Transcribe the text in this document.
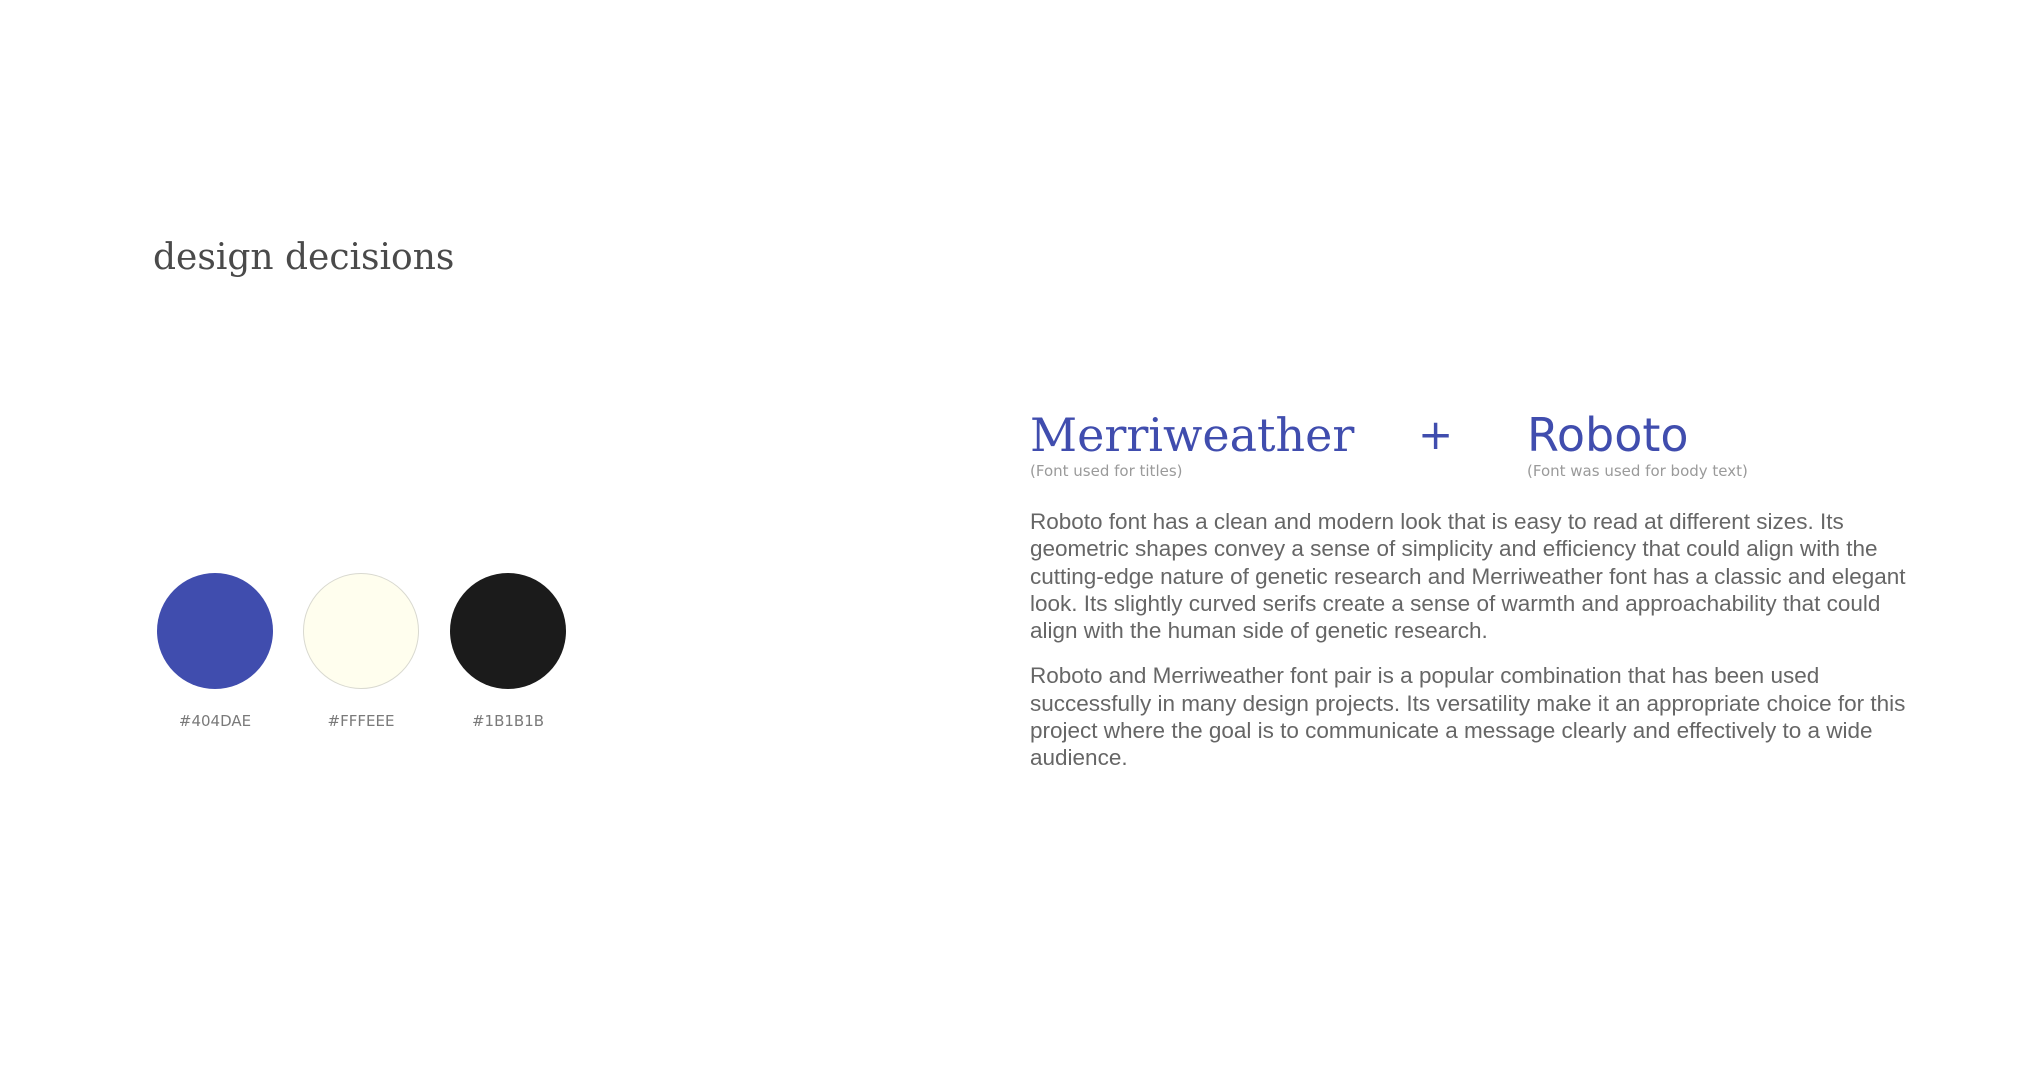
design decisions
#404DAE	#FFFEEE	#1B1B1B
Merriweather
(Font used for titles)
+ Roboto
(Font was used for body text)

Roboto font has a clean and modern look that is easy to read at different sizes. Its geometric shapes convey a sense of simplicity and efficiency that could align with the cutting-edge nature of genetic research and Merriweather font has a classic and elegant look. Its slightly curved serifs create a sense of warmth and approachability that could align with the human side of genetic research.

Roboto and Merriweather font pair is a popular combination that has been used successfully in many design projects. Its versatility make it an appropriate choice for this project where the goal is to communicate a message clearly and effectively to a wide audience.
